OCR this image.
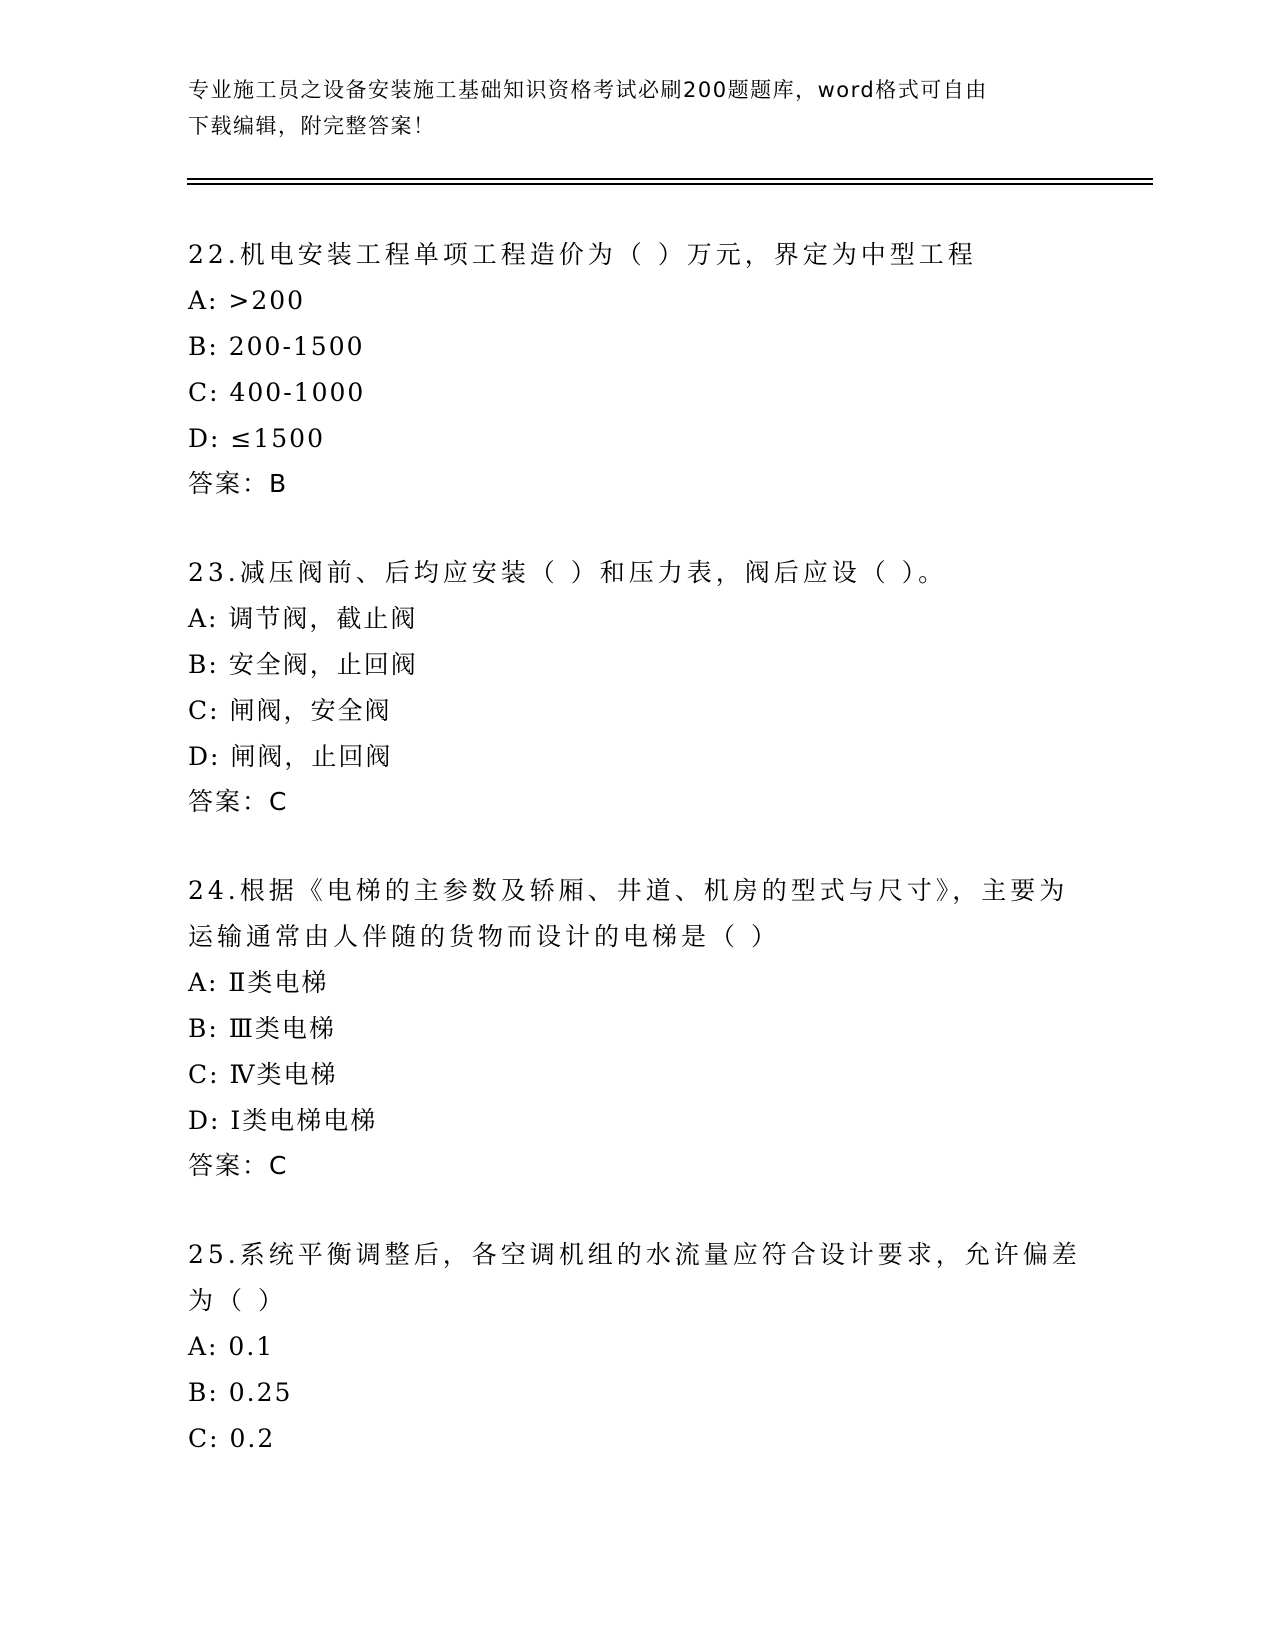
专业施工员之设备安装施工基础知识资格考试必刷200题题库，word格式可自由
下载编辑，附完整答案！

22.机电安装工程单项工程造价为（ ）万元，界定为中型工程

A: >200

B: 200-1500

C: 400-1000

D: ≤1500

答案：B

23.减压阀前、后均应安装（ ）和压力表，阀后应设（ ）。

A: 调节阀，截止阀

B: 安全阀，止回阀

C: 闸阀，安全阀

D: 闸阀，止回阀

答案：C

24.根据《电梯的主参数及轿厢、井道、机房的型式与尺寸》，主要为运输通常由人伴随的货物而设计的电梯是（ ）

A: Ⅱ类电梯

B: Ⅲ类电梯

C: Ⅳ类电梯

D: Ⅰ类电梯电梯

答案：C

25.系统平衡调整后，各空调机组的水流量应符合设计要求，允许偏差为（ ）

A: 0.1

B: 0.25

C: 0.2
